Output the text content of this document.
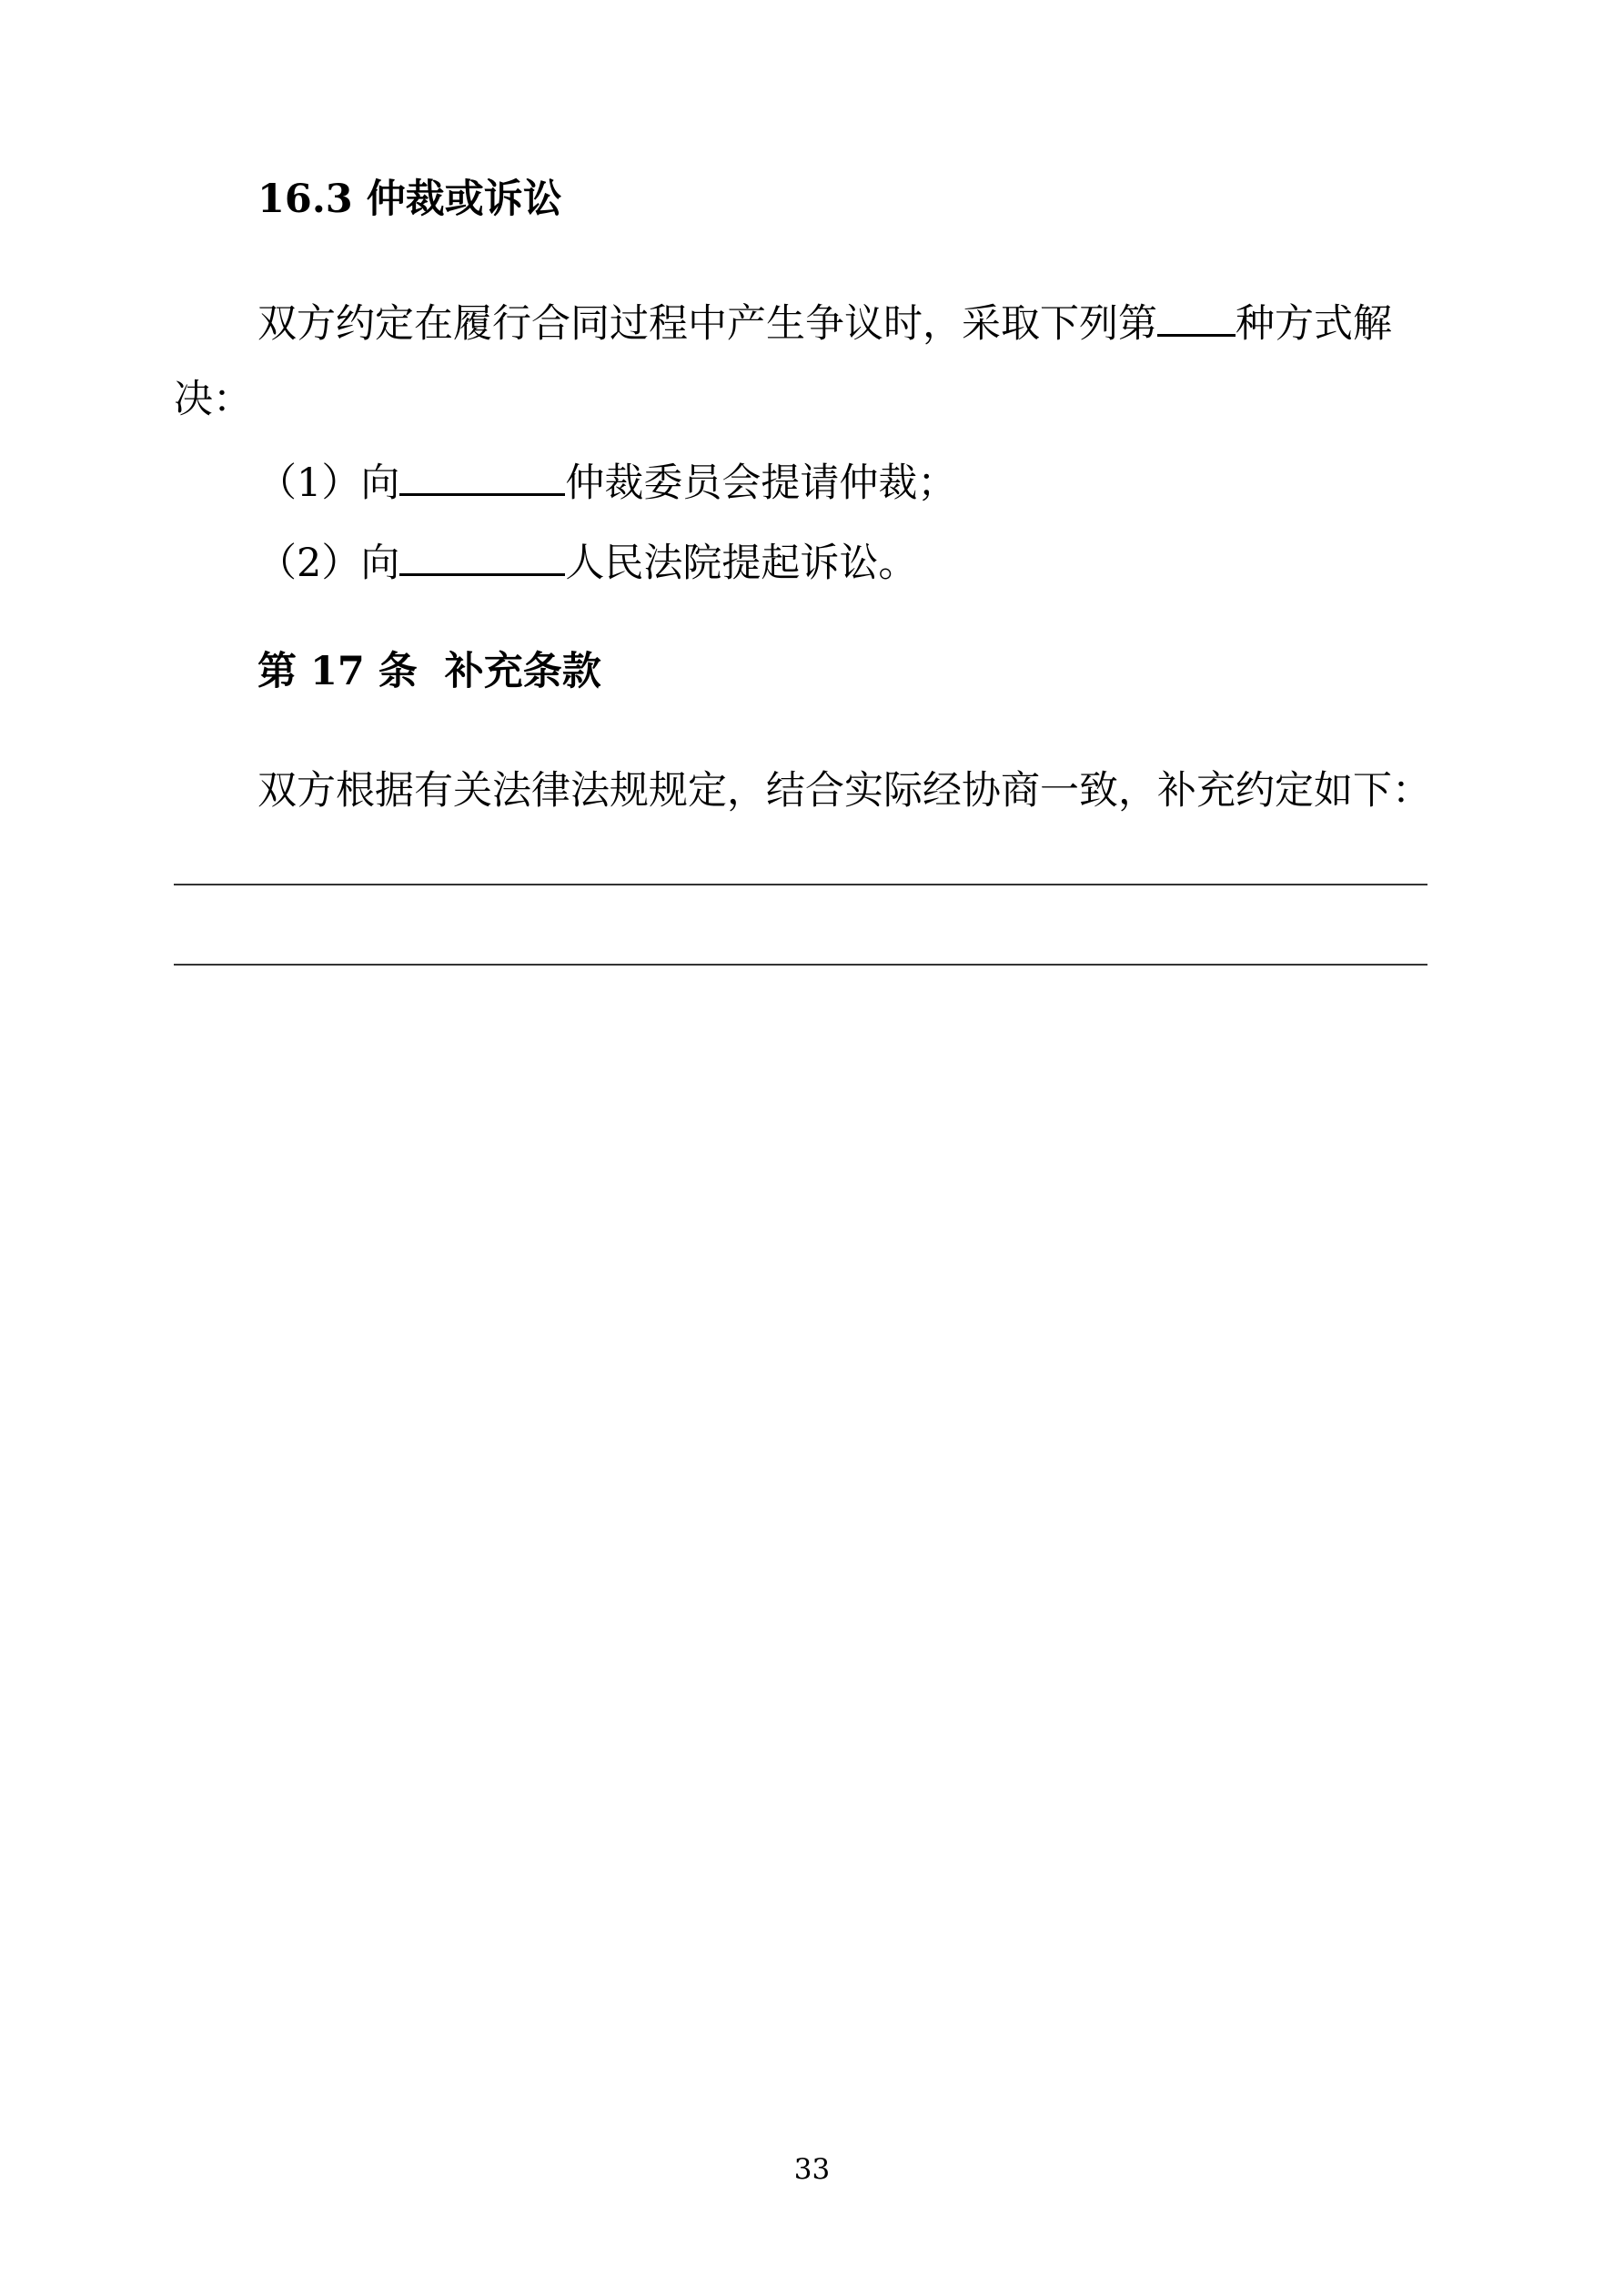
16.3 仲裁或诉讼
双方约定在履行合同过程中产生争议时，采取下列第 种方式解
决：
（1）向	仲裁委员会提请仲裁；
（2）向	人民法院提起诉讼。
第 17 条  补充条款
双方根据有关法律法规规定，结合实际经协商一致，补充约定如下：
33
